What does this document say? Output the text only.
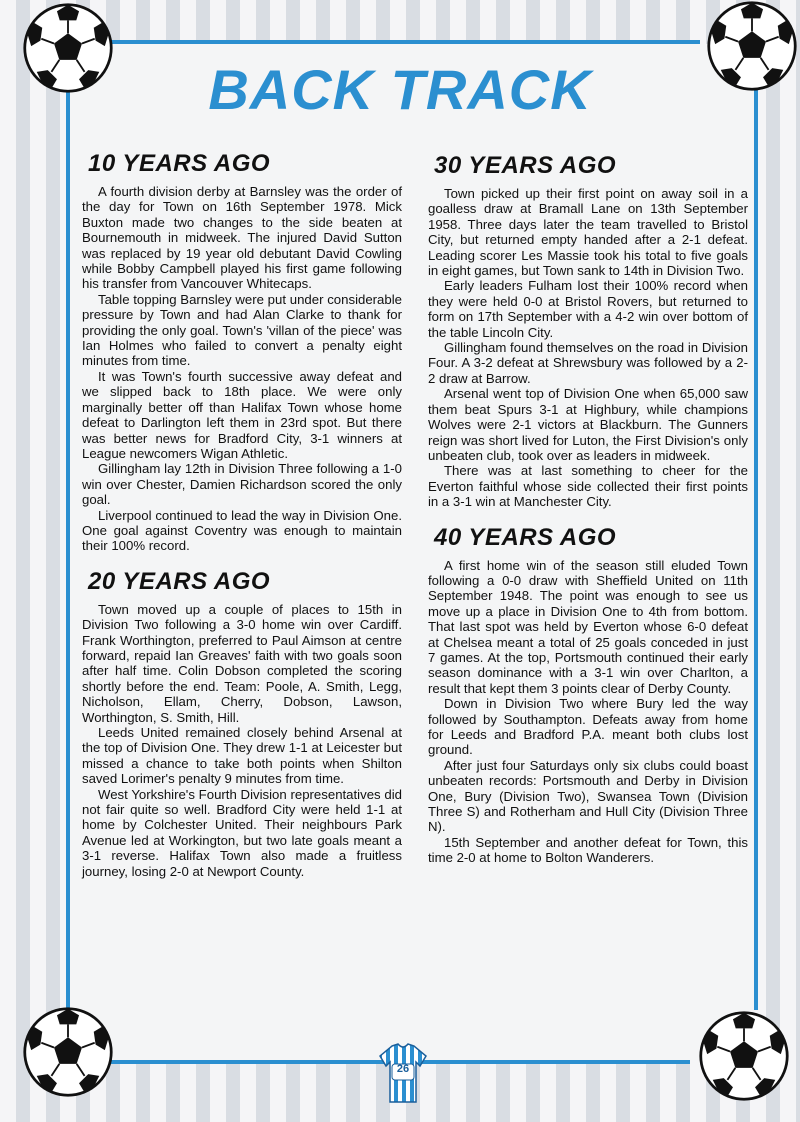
BACK TRACK
10 YEARS AGO

A fourth division derby at Barnsley was the order of the day for Town on 16th September 1978. Mick Buxton made two changes to the side beaten at Bournemouth in midweek. The injured David Sutton was replaced by 19 year old debutant David Cowling while Bobby Campbell played his first game following his transfer from Vancouver Whitecaps.

Table topping Barnsley were put under considerable pressure by Town and had Alan Clarke to thank for providing the only goal. Town's 'villan of the piece' was Ian Holmes who failed to convert a penalty eight minutes from time.

It was Town's fourth successive away defeat and we slipped back to 18th place. We were only marginally better off than Halifax Town whose home defeat to Darlington left them in 23rd spot. But there was better news for Bradford City, 3-1 winners at League newcomers Wigan Athletic.

Gillingham lay 12th in Division Three following a 1-0 win over Chester, Damien Richardson scored the only goal.

Liverpool continued to lead the way in Division One. One goal against Coventry was enough to maintain their 100% record.

20 YEARS AGO

Town moved up a couple of places to 15th in Division Two following a 3-0 home win over Cardiff. Frank Worthington, preferred to Paul Aimson at centre forward, repaid Ian Greaves' faith with two goals soon after half time. Colin Dobson completed the scoring shortly before the end. Team: Poole, A. Smith, Legg, Nicholson, Ellam, Cherry, Dobson, Lawson, Worthington, S. Smith, Hill.

Leeds United remained closely behind Arsenal at the top of Division One. They drew 1-1 at Leicester but missed a chance to take both points when Shilton saved Lorimer's penalty 9 minutes from time.

West Yorkshire's Fourth Division representatives did not fair quite so well. Bradford City were held 1-1 at home by Colchester United. Their neighbours Park Avenue led at Workington, but two late goals meant a 3-1 reverse. Halifax Town also made a fruitless journey, losing 2-0 at Newport County.

30 YEARS AGO

Town picked up their first point on away soil in a goalless draw at Bramall Lane on 13th September 1958. Three days later the team travelled to Bristol City, but returned empty handed after a 2-1 defeat. Leading scorer Les Massie took his total to five goals in eight games, but Town sank to 14th in Division Two.

Early leaders Fulham lost their 100% record when they were held 0-0 at Bristol Rovers, but returned to form on 17th September with a 4-2 win over bottom of the table Lincoln City.

Gillingham found themselves on the road in Division Four. A 3-2 defeat at Shrewsbury was followed by a 2-2 draw at Barrow.

Arsenal went top of Division One when 65,000 saw them beat Spurs 3-1 at Highbury, while champions Wolves were 2-1 victors at Blackburn. The Gunners reign was short lived for Luton, the First Division's only unbeaten club, took over as leaders in midweek.

There was at last something to cheer for the Everton faithful whose side collected their first points in a 3-1 win at Manchester City.

40 YEARS AGO

A first home win of the season still eluded Town following a 0-0 draw with Sheffield United on 11th September 1948. The point was enough to see us move up a place in Division One to 4th from bottom. That last spot was held by Everton whose 6-0 defeat at Chelsea meant a total of 25 goals conceded in just 7 games. At the top, Portsmouth continued their early season dominance with a 3-1 win over Charlton, a result that kept them 3 points clear of Derby County.

Down in Division Two where Bury led the way followed by Southampton. Defeats away from home for Leeds and Bradford P.A. meant both clubs lost ground.

After just four Saturdays only six clubs could boast unbeaten records: Portsmouth and Derby in Division One, Bury (Division Two), Swansea Town (Division Three S) and Rotherham and Hull City (Division Three N).

15th September and another defeat for Town, this time 2-0 at home to Bolton Wanderers.

26
